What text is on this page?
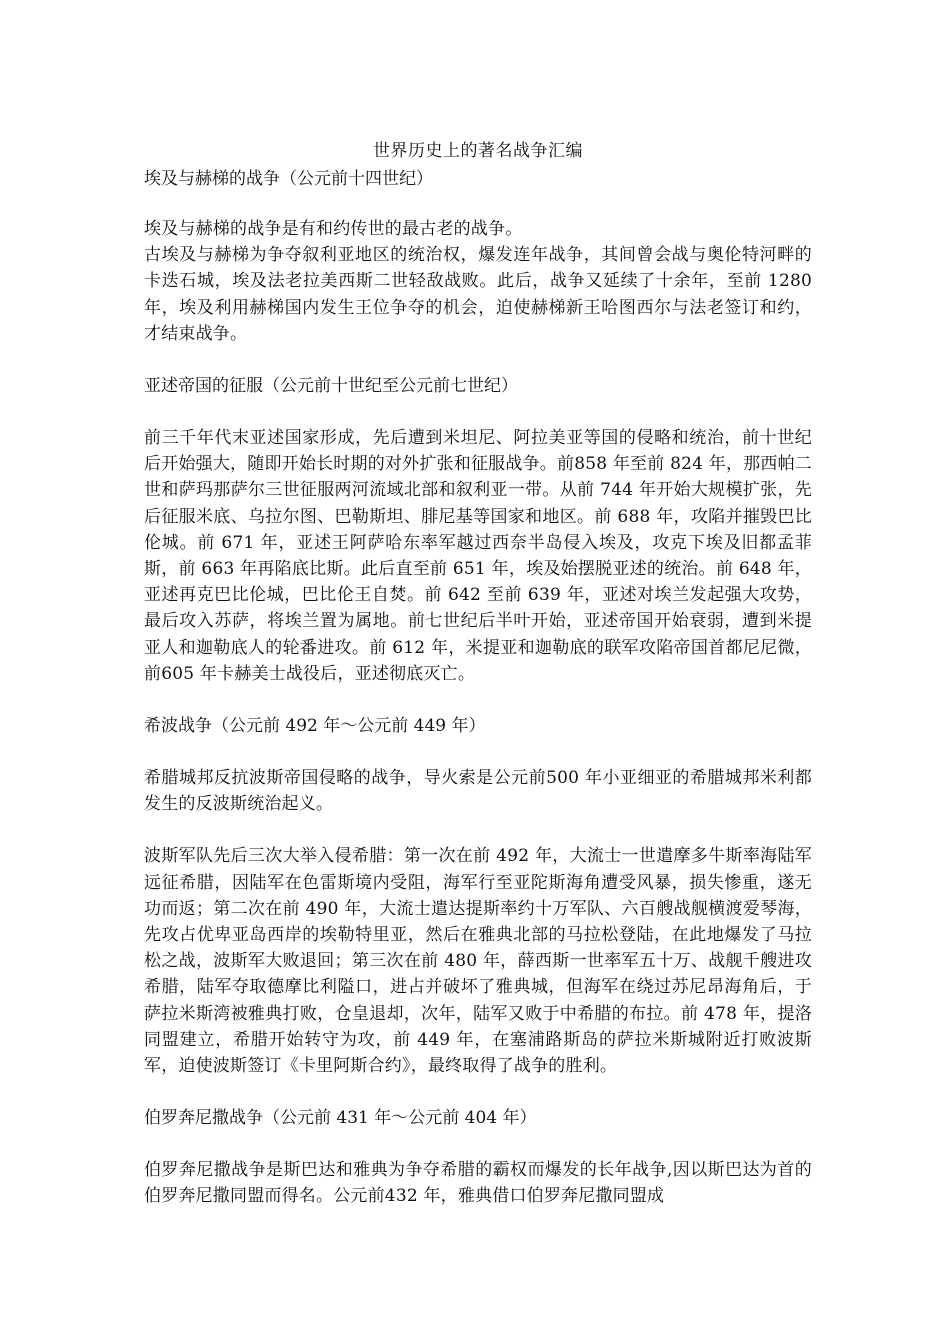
世界历史上的著名战争汇编
埃及与赫梯的战争（公元前十四世纪）

埃及与赫梯的战争是有和约传世的最古老的战争。

古埃及与赫梯为争夺叙利亚地区的统治权，爆发连年战争，其间曾会战与奥伦特河畔的卡迭石城，埃及法老拉美西斯二世轻敌战败。此后，战争又延续了十余年，至前 1280 年，埃及利用赫梯国内发生王位争夺的机会，迫使赫梯新王哈图西尔与法老签订和约，才结束战争。

亚述帝国的征服（公元前十世纪至公元前七世纪）

前三千年代末亚述国家形成，先后遭到米坦尼、阿拉美亚等国的侵略和统治，前十世纪后开始强大，随即开始长时期的对外扩张和征服战争。前858 年至前 824 年，那西帕二世和萨玛那萨尔三世征服两河流域北部和叙利亚一带。从前 744 年开始大规模扩张，先后征服米底、乌拉尔图、巴勒斯坦、腓尼基等国家和地区。前 688 年，攻陷并摧毁巴比伦城。前 671 年，亚述王阿萨哈东率军越过西奈半岛侵入埃及，攻克下埃及旧都孟菲斯，前 663 年再陷底比斯。此后直至前 651 年，埃及始摆脱亚述的统治。前 648 年，亚述再克巴比伦城，巴比伦王自焚。前 642 至前 639 年，亚述对埃兰发起强大攻势，最后攻入苏萨，将埃兰置为属地。前七世纪后半叶开始，亚述帝国开始衰弱，遭到米提亚人和迦勒底人的轮番进攻。前 612 年，米提亚和迦勒底的联军攻陷帝国首都尼尼微，前605 年卡赫美士战役后，亚述彻底灭亡。

希波战争（公元前 492 年～公元前 449 年）

希腊城邦反抗波斯帝国侵略的战争，导火索是公元前500 年小亚细亚的希腊城邦米利都发生的反波斯统治起义。

波斯军队先后三次大举入侵希腊：第一次在前 492 年，大流士一世遣摩多牛斯率海陆军远征希腊，因陆军在色雷斯境内受阻，海军行至亚陀斯海角遭受风暴，损失惨重，遂无功而返；第二次在前 490 年，大流士遣达提斯率约十万军队、六百艘战舰横渡爱琴海，先攻占优卑亚岛西岸的埃勒特里亚，然后在雅典北部的马拉松登陆，在此地爆发了马拉松之战，波斯军大败退回；第三次在前 480 年，薛西斯一世率军五十万、战舰千艘进攻希腊，陆军夺取德摩比利隘口，进占并破坏了雅典城，但海军在绕过苏尼昂海角后，于萨拉米斯湾被雅典打败，仓皇退却，次年，陆军又败于中希腊的布拉。前 478 年，提洛同盟建立，希腊开始转守为攻，前 449 年，在塞浦路斯岛的萨拉米斯城附近打败波斯军，迫使波斯签订《卡里阿斯合约》，最终取得了战争的胜利。

伯罗奔尼撒战争（公元前 431 年～公元前 404 年）

伯罗奔尼撒战争是斯巴达和雅典为争夺希腊的霸权而爆发的长年战争,因以斯巴达为首的伯罗奔尼撒同盟而得名。公元前432 年，雅典借口伯罗奔尼撒同盟成
